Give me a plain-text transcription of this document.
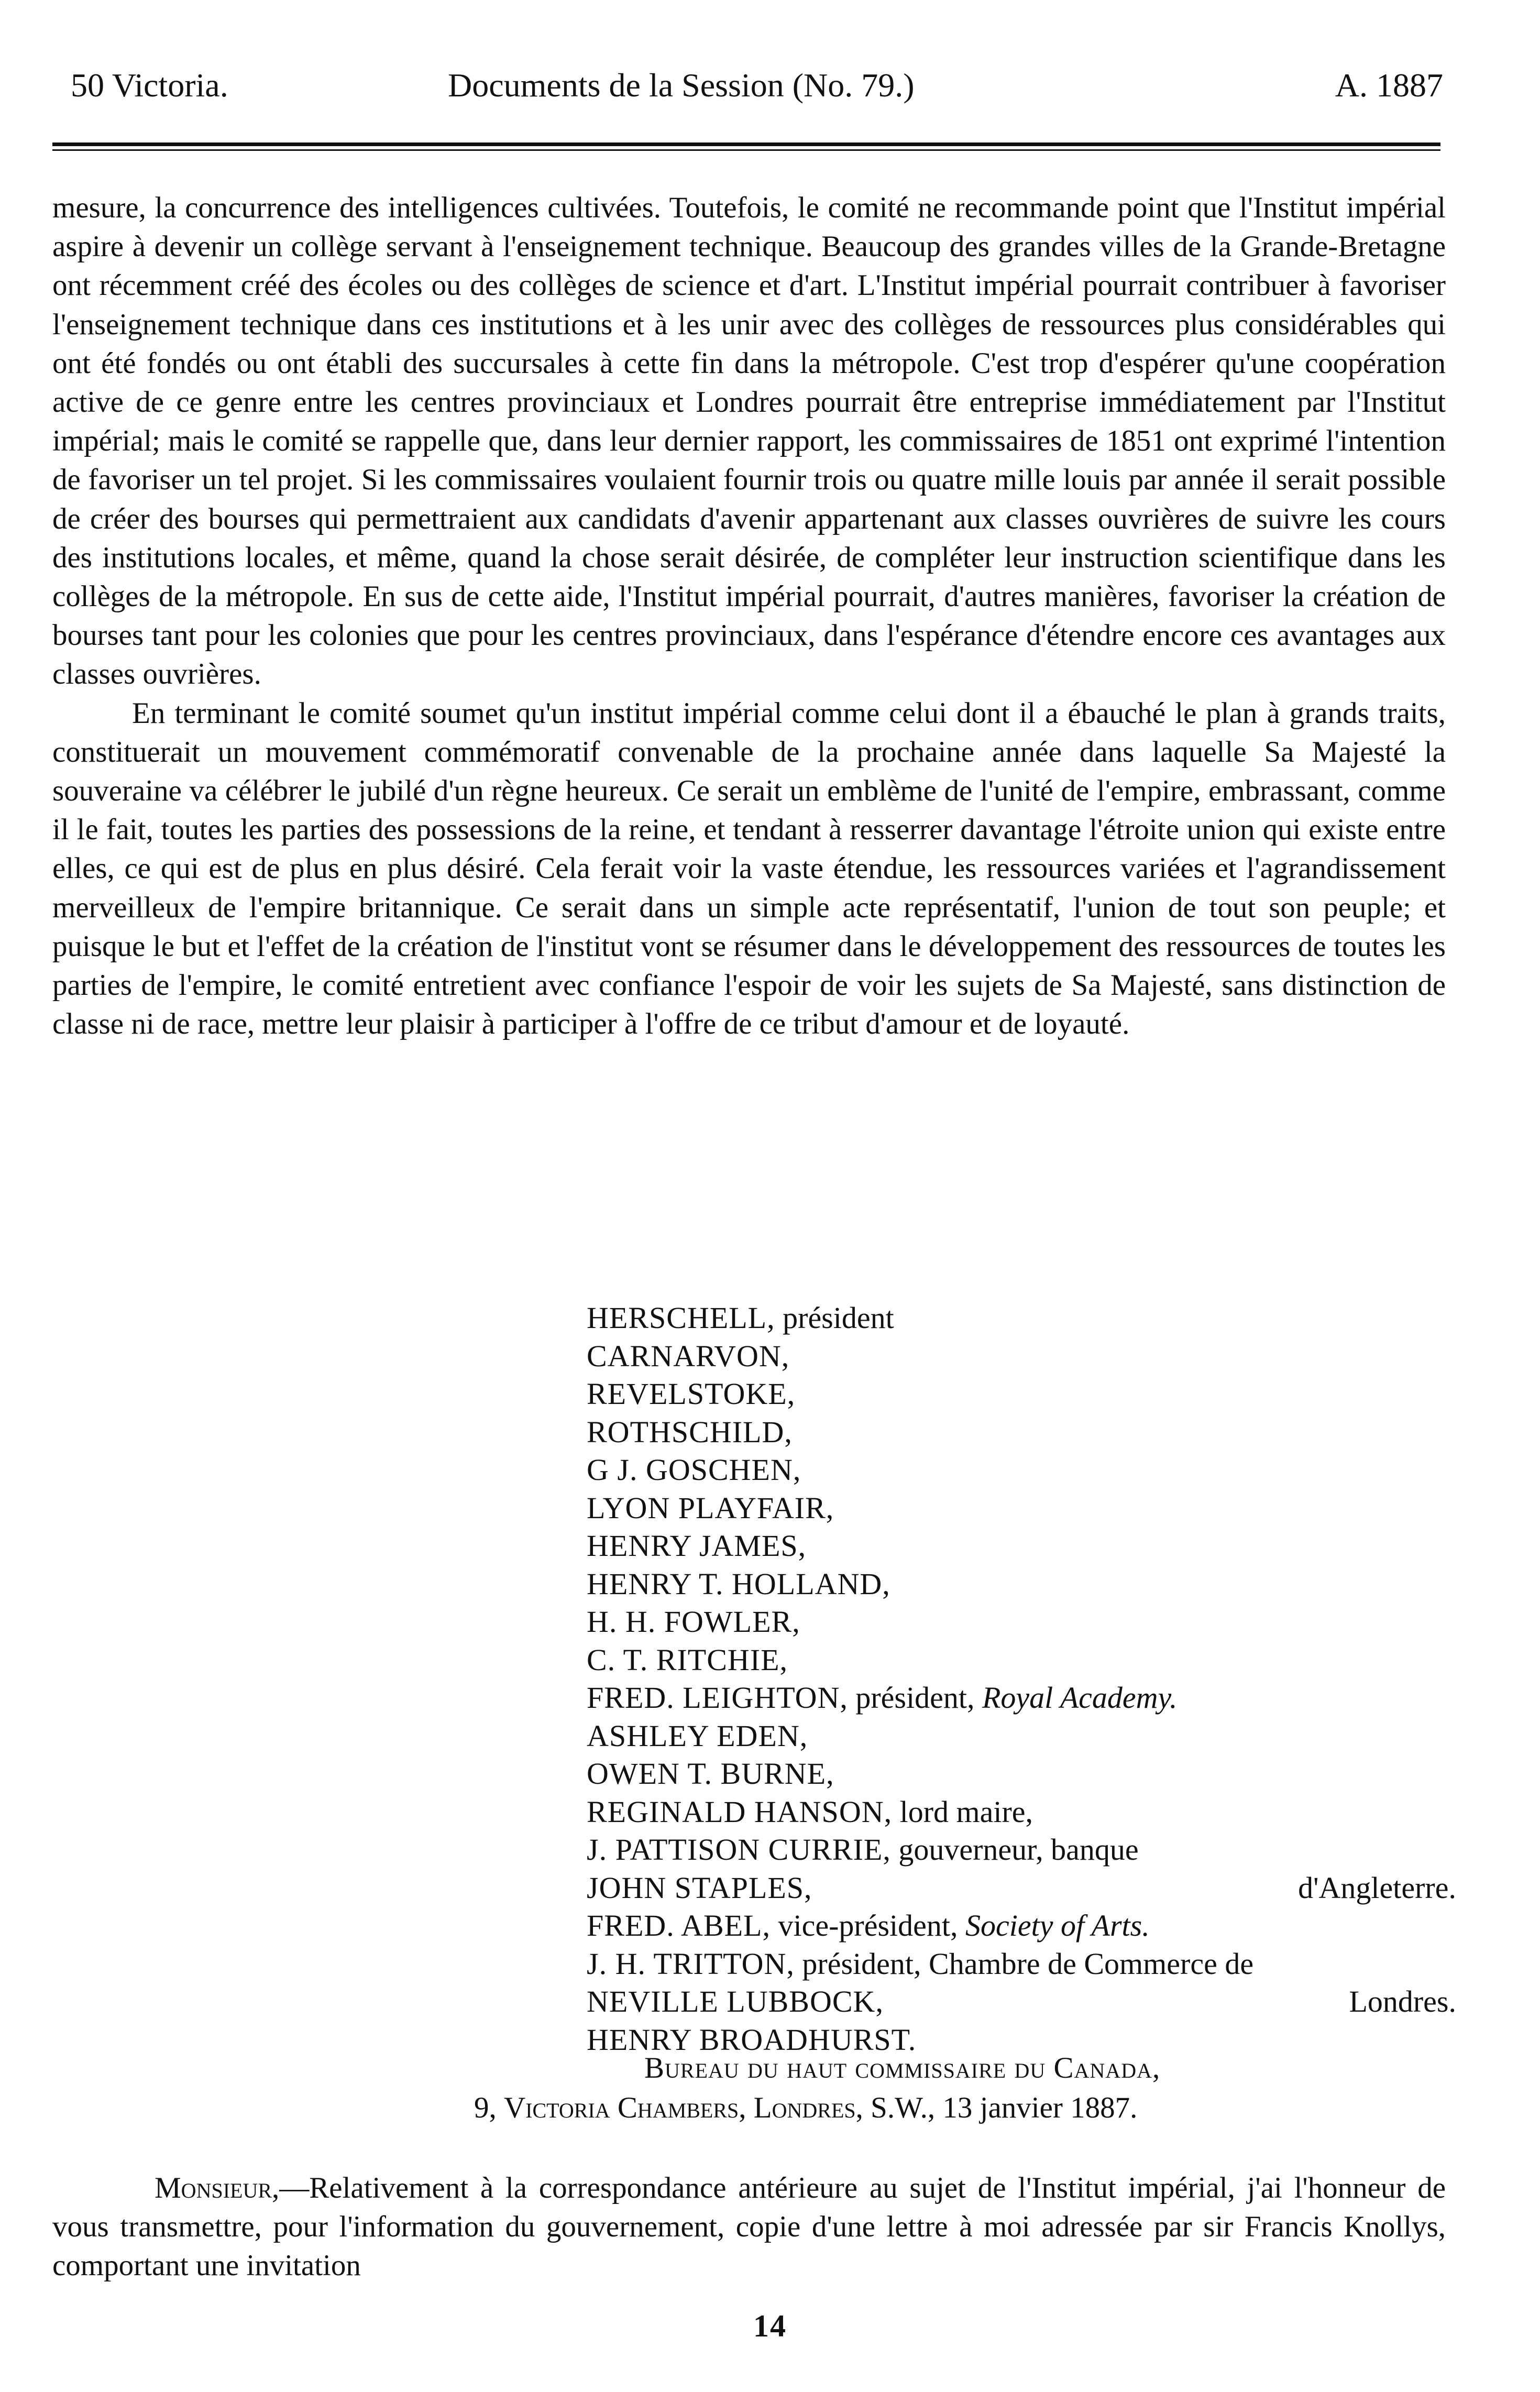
50 Victoria.	Documents de la Session (No. 79.)	A. 1887

mesure, la concurrence des intelligences cultivées. Toutefois, le comité ne recommande point que l'Institut impérial aspire à devenir un collège servant à l'enseignement technique. Beaucoup des grandes villes de la Grande-Bretagne ont récemment créé des écoles ou des collèges de science et d'art. L'Institut impérial pourrait contribuer à favoriser l'enseignement technique dans ces institutions et à les unir avec des collèges de ressources plus considérables qui ont été fondés ou ont établi des succursales à cette fin dans la métropole. C'est trop d'espérer qu'une coopération active de ce genre entre les centres provinciaux et Londres pourrait être entreprise immédiatement par l'Institut impérial; mais le comité se rappelle que, dans leur dernier rapport, les commissaires de 1851 ont exprimé l'intention de favoriser un tel projet. Si les commissaires voulaient fournir trois ou quatre mille louis par année il serait possible de créer des bourses qui permettraient aux candidats d'avenir appartenant aux classes ouvrières de suivre les cours des institutions locales, et même, quand la chose serait désirée, de compléter leur instruction scientifique dans les collèges de la métropole. En sus de cette aide, l'Institut impérial pourrait, d'autres manières, favoriser la création de bourses tant pour les colonies que pour les centres provinciaux, dans l'espérance d'étendre encore ces avantages aux classes ouvrières.

En terminant le comité soumet qu'un institut impérial comme celui dont il a ébauché le plan à grands traits, constituerait un mouvement commémoratif convenable de la prochaine année dans laquelle Sa Majesté la souveraine va célébrer le jubilé d'un règne heureux. Ce serait un emblème de l'unité de l'empire, embrassant, comme il le fait, toutes les parties des possessions de la reine, et tendant à resserrer davantage l'étroite union qui existe entre elles, ce qui est de plus en plus désiré. Cela ferait voir la vaste étendue, les ressources variées et l'agrandissement merveilleux de l'empire britannique. Ce serait dans un simple acte représentatif, l'union de tout son peuple; et puisque le but et l'effet de la création de l'institut vont se résumer dans le développement des ressources de toutes les parties de l'empire, le comité entretient avec confiance l'espoir de voir les sujets de Sa Majesté, sans distinction de classe ni de race, mettre leur plaisir à participer à l'offre de ce tribut d'amour et de loyauté.

HERSCHELL, président
CARNARVON,
REVELSTOKE,
ROTHSCHILD,
G J. GOSCHEN,
LYON PLAYFAIR,
HENRY JAMES,
HENRY T. HOLLAND,
H. H. FOWLER,
C. T. RITCHIE,
FRED. LEIGHTON, président, Royal Academy.
ASHLEY EDEN,
OWEN T. BURNE,
REGINALD HANSON, lord maire,
J. PATTISON CURRIE, gouverneur, banque
JOHN STAPLES,	d'Angleterre.
FRED. ABEL, vice-président, Society of Arts.
J. H. TRITTON, président, Chambre de Commerce de
NEVILLE LUBBOCK,	Londres.
HENRY BROADHURST.
Bureau du haut commissaire du Canada,
9, Victoria Chambers, Londres, S.W., 13 janvier 1887.
Monsieur,—Relativement à la correspondance antérieure au sujet de l'Institut impérial, j'ai l'honneur de vous transmettre, pour l'information du gouvernement, copie d'une lettre à moi adressée par sir Francis Knollys, comportant une invitation
14
